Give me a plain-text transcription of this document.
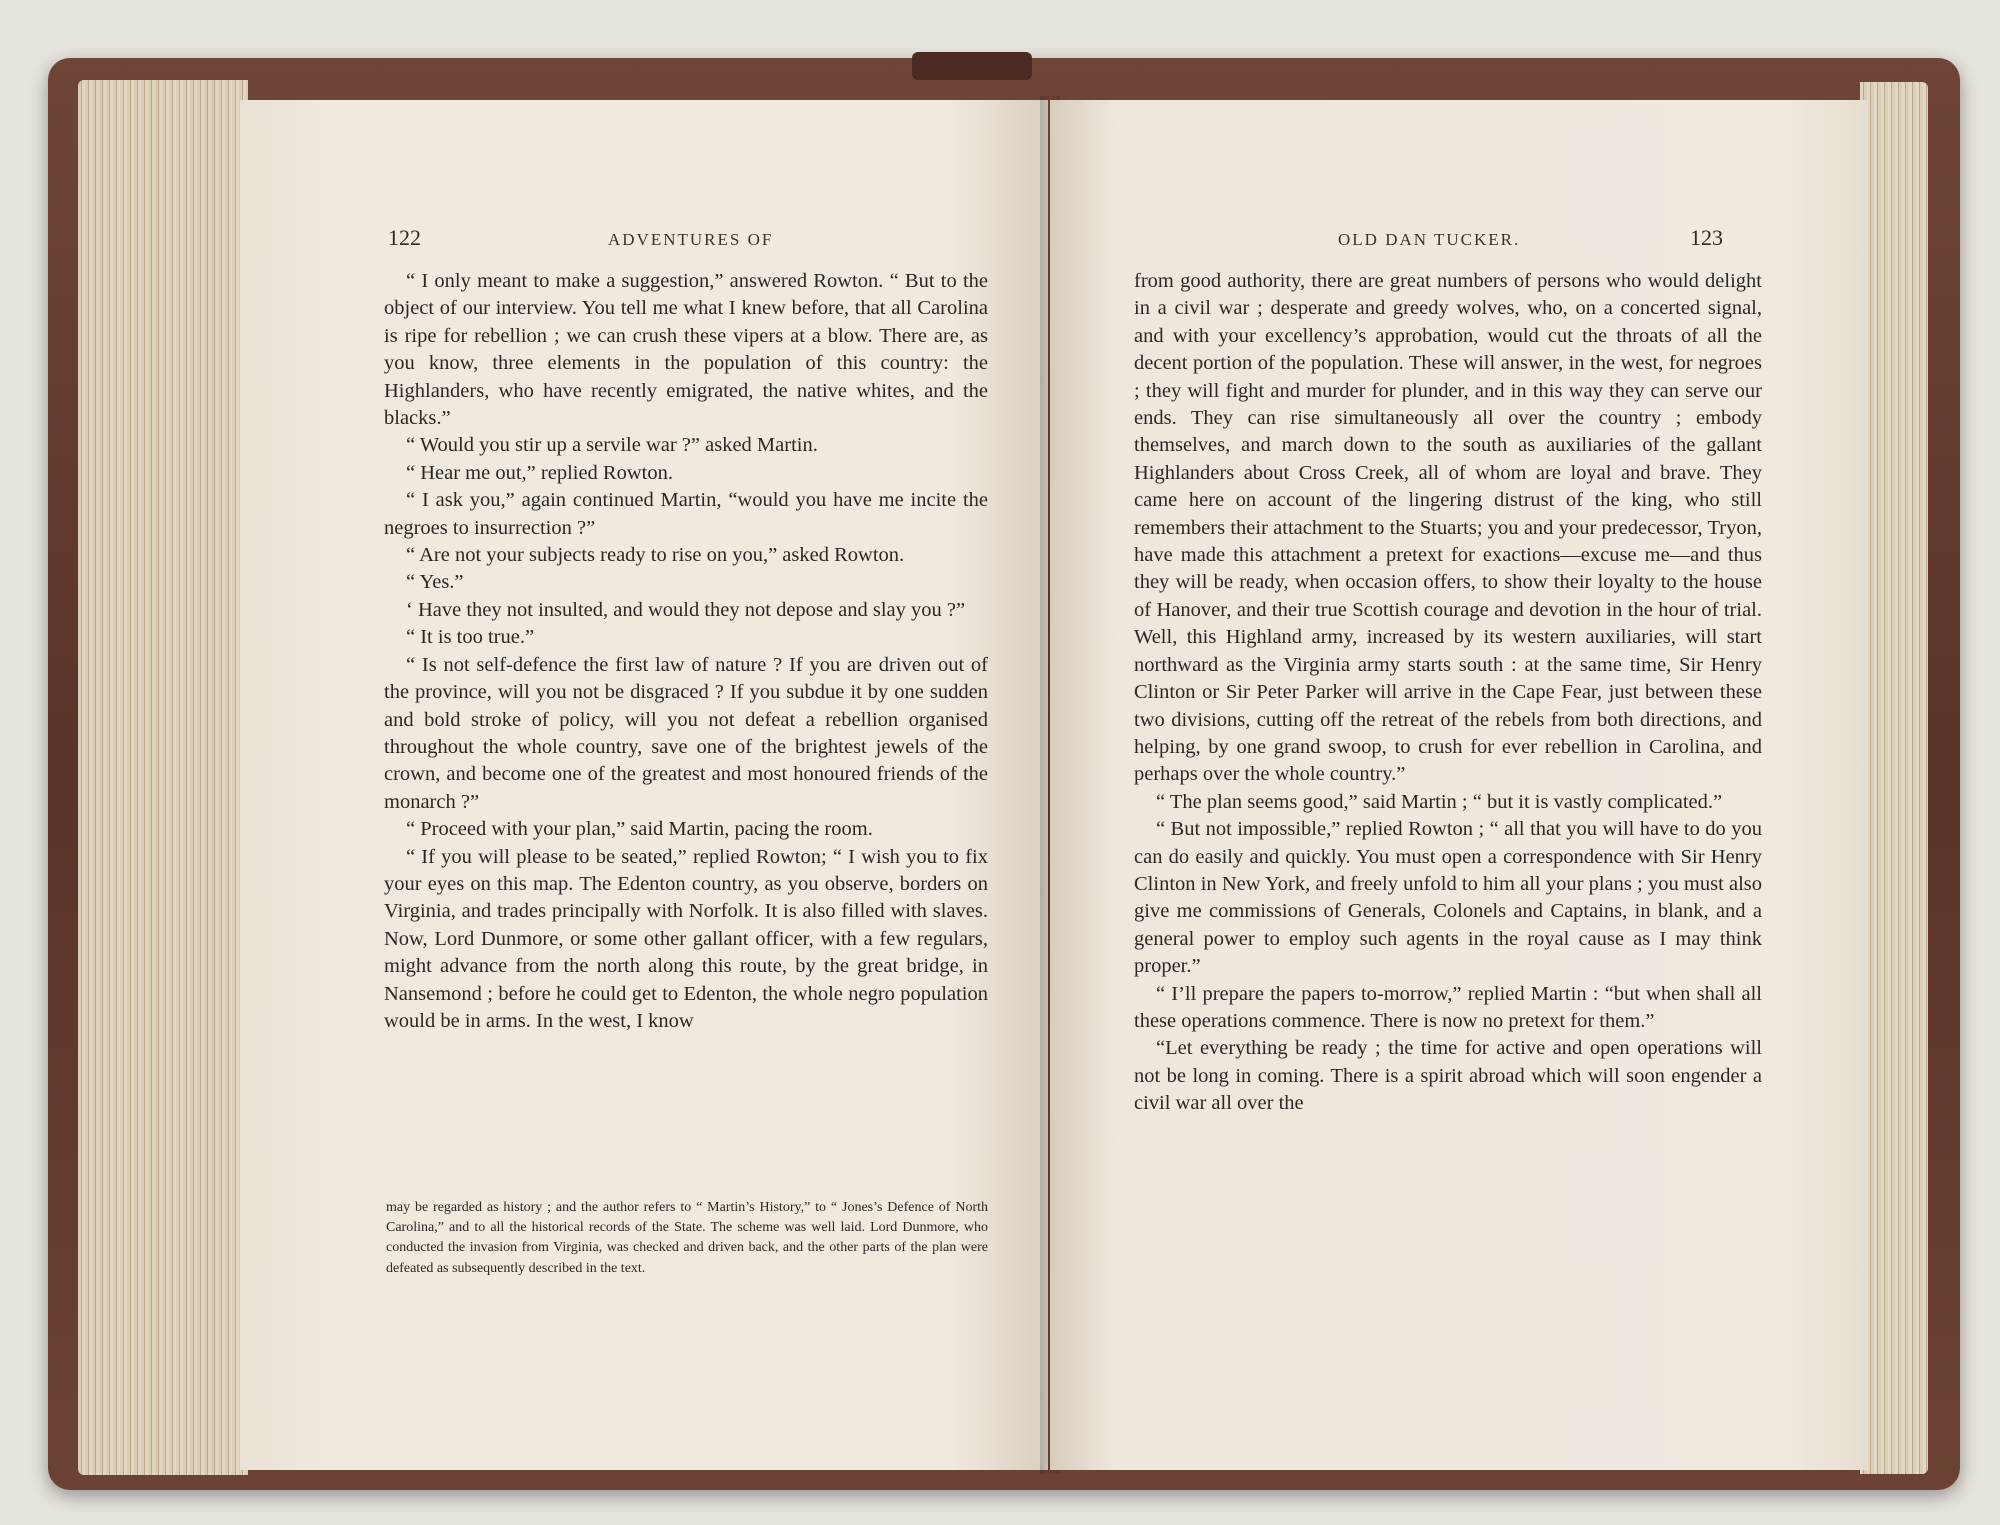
122	ADVENTURES OF

“ I only meant to make a suggestion,” answered Rowton. “ But to the object of our interview. You tell me what I knew before, that all Carolina is ripe for rebellion ; we can crush these vipers at a blow. There are, as you know, three elements in the population of this country: the Highlanders, who have recently emigrated, the native whites, and the blacks.”

“ Would you stir up a servile war ?” asked Martin.

“ Hear me out,” replied Rowton.

“ I ask you,” again continued Martin, “would you have me incite the negroes to insurrection ?”

“ Are not your subjects ready to rise on you,” asked Rowton.

“ Yes.”

‘ Have they not insulted, and would they not depose and slay you ?”

“ It is too true.”

“ Is not self-defence the first law of nature ? If you are driven out of the province, will you not be disgraced ? If you subdue it by one sudden and bold stroke of policy, will you not defeat a rebellion organised throughout the whole country, save one of the brightest jewels of the crown, and become one of the greatest and most honoured friends of the monarch ?”

“ Proceed with your plan,” said Martin, pacing the room.

“ If you will please to be seated,” replied Rowton; “ I wish you to fix your eyes on this map. The Edenton country, as you observe, borders on Virginia, and trades principally with Norfolk. It is also filled with slaves. Now, Lord Dunmore, or some other gallant officer, with a few regulars, might advance from the north along this route, by the great bridge, in Nansemond ; before he could get to Edenton, the whole negro population would be in arms. In the west, I know

may be regarded as history ; and the author refers to “ Martin’s History,” to “ Jones’s Defence of North Carolina,” and to all the historical records of the State. The scheme was well laid. Lord Dunmore, who conducted the invasion from Virginia, was checked and driven back, and the other parts of the plan were defeated as subsequently described in the text.

OLD DAN TUCKER.	123

from good authority, there are great numbers of persons who would delight in a civil war ; desperate and greedy wolves, who, on a concerted signal, and with your excellency’s approbation, would cut the throats of all the decent portion of the population. These will answer, in the west, for negroes ; they will fight and murder for plunder, and in this way they can serve our ends. They can rise simultaneously all over the country ; embody themselves, and march down to the south as auxiliaries of the gallant Highlanders about Cross Creek, all of whom are loyal and brave. They came here on account of the lingering distrust of the king, who still remembers their attachment to the Stuarts; you and your predecessor, Tryon, have made this attachment a pretext for exactions—excuse me—and thus they will be ready, when occasion offers, to show their loyalty to the house of Hanover, and their true Scottish courage and devotion in the hour of trial. Well, this Highland army, increased by its western auxiliaries, will start northward as the Virginia army starts south : at the same time, Sir Henry Clinton or Sir Peter Parker will arrive in the Cape Fear, just between these two divisions, cutting off the retreat of the rebels from both directions, and helping, by one grand swoop, to crush for ever rebellion in Carolina, and perhaps over the whole country.”

“ The plan seems good,” said Martin ; “ but it is vastly complicated.”

“ But not impossible,” replied Rowton ; “ all that you will have to do you can do easily and quickly. You must open a correspondence with Sir Henry Clinton in New York, and freely unfold to him all your plans ; you must also give me commissions of Generals, Colonels and Captains, in blank, and a general power to employ such agents in the royal cause as I may think proper.”

“ I’ll prepare the papers to-morrow,” replied Martin : “but when shall all these operations commence. There is now no pretext for them.”

“Let everything be ready ; the time for active and open operations will not be long in coming. There is a spirit abroad which will soon engender a civil war all over the
